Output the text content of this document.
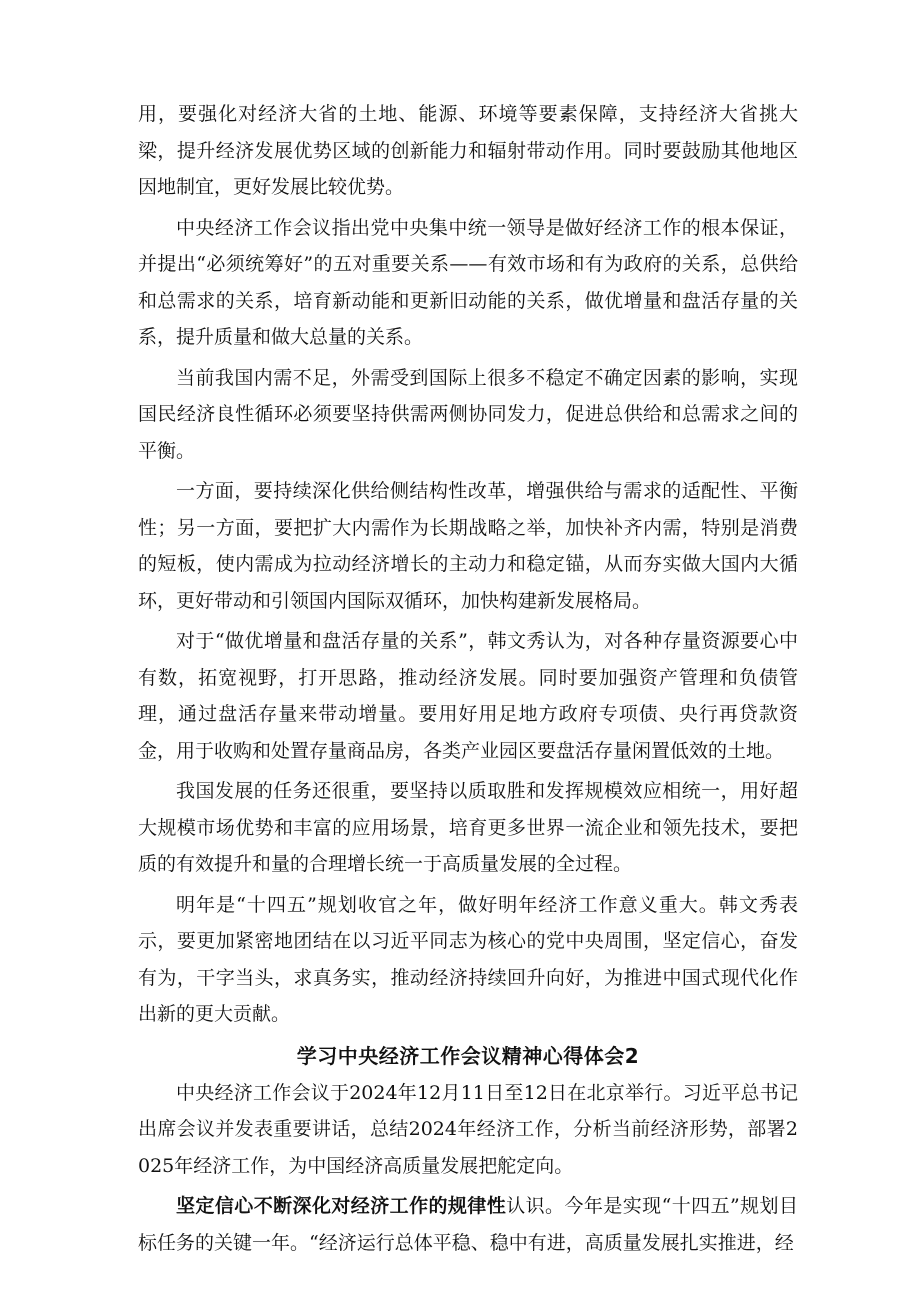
用，要强化对经济大省的土地、能源、环境等要素保障，支持经济大省挑大梁，提升经济发展优势区域的创新能力和辐射带动作用。同时要鼓励其他地区因地制宜，更好发展比较优势。

中央经济工作会议指出党中央集中统一领导是做好经济工作的根本保证，并提出“必须统筹好”的五对重要关系——有效市场和有为政府的关系，总供给和总需求的关系，培育新动能和更新旧动能的关系，做优增量和盘活存量的关系，提升质量和做大总量的关系。

当前我国内需不足，外需受到国际上很多不稳定不确定因素的影响，实现国民经济良性循环必须要坚持供需两侧协同发力，促进总供给和总需求之间的平衡。

一方面，要持续深化供给侧结构性改革，增强供给与需求的适配性、平衡性；另一方面，要把扩大内需作为长期战略之举，加快补齐内需，特别是消费的短板，使内需成为拉动经济增长的主动力和稳定锚，从而夯实做大国内大循环，更好带动和引领国内国际双循环，加快构建新发展格局。

对于“做优增量和盘活存量的关系”，韩文秀认为，对各种存量资源要心中有数，拓宽视野，打开思路，推动经济发展。同时要加强资产管理和负债管理，通过盘活存量来带动增量。要用好用足地方政府专项债、央行再贷款资金，用于收购和处置存量商品房，各类产业园区要盘活存量闲置低效的土地。

我国发展的任务还很重，要坚持以质取胜和发挥规模效应相统一，用好超大规模市场优势和丰富的应用场景，培育更多世界一流企业和领先技术，要把质的有效提升和量的合理增长统一于高质量发展的全过程。

明年是“十四五”规划收官之年，做好明年经济工作意义重大。韩文秀表示，要更加紧密地团结在以习近平同志为核心的党中央周围，坚定信心，奋发有为，干字当头，求真务实，推动经济持续回升向好，为推进中国式现代化作出新的更大贡献。

学习中央经济工作会议精神心得体会2

中央经济工作会议于2024年12月11日至12日在北京举行。习近平总书记出席会议并发表重要讲话，总结2024年经济工作，分析当前经济形势，部署2025年经济工作，为中国经济高质量发展把舵定向。

坚定信心不断深化对经济工作的规律性认识。今年是实现“十四五”规划目标任务的关键一年。“经济运行总体平稳、稳中有进，高质量发展扎实推进，经
